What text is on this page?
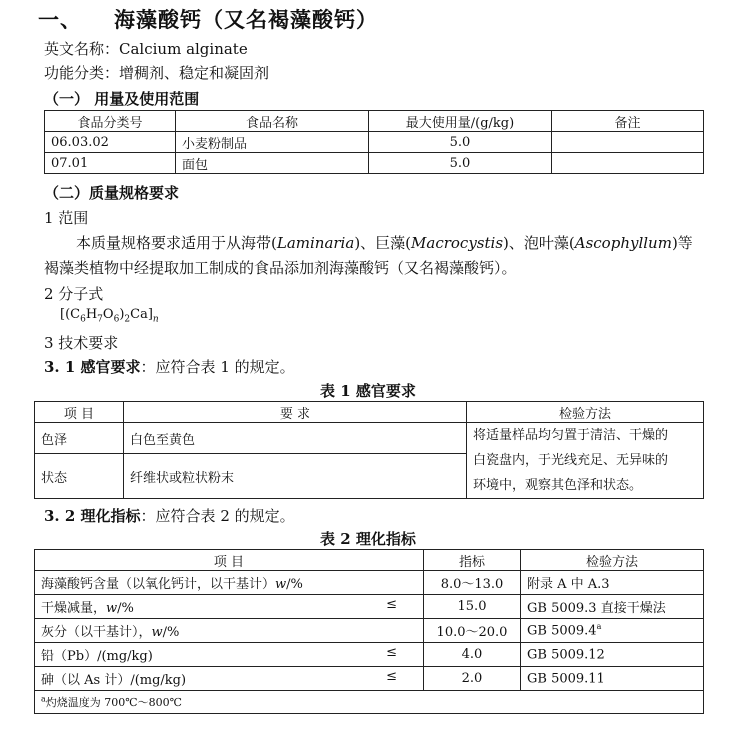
一、 海藻酸钙（又名褐藻酸钙）
英文名称：Calcium alginate
功能分类：增稠剂、稳定和凝固剂
（一） 用量及使用范围
食品分类号	食品名称	最大使用量/(g/kg)	备注
06.03.02	小麦粉制品	5.0	
07.01	面包	5.0	
（二）质量规格要求
1 范围
本质量规格要求适用于从海带(Laminaria)、巨藻(Macrocystis)、泡叶藻(Ascophyllum)等
褐藻类植物中经提取加工制成的食品添加剂海藻酸钙（又名褐藻酸钙）。
2 分子式
$[(C_6H_7O_6)_2Ca]_n$
3 技术要求
3. 1 感官要求：应符合表 1 的规定。
表 1 感官要求
项 目	要 求	检验方法
色泽	白色至黄色	将适量样品均匀置于清洁、干燥的
白瓷盘内，于光线充足、无异味的
环境中，观察其色泽和状态。

状态	纤维状或粒状粉末	
3. 2 理化指标：应符合表 2 的规定。
表 2 理化指标
项 目	指标	检验方法
海藻酸钙含量（以氧化钙计，以干基计）w/%	8.0～13.0	附录 A 中 A.3
干燥减量，w/% ≤	15.0	GB 5009.3 直接干燥法
灰分（以干基计），w/%	10.0～20.0	GB 5009.4$^a$
铅（Pb）/(mg/kg) ≤	4.0	GB 5009.12
砷（以 As 计）/(mg/kg) ≤	2.0	GB 5009.11
$^a$灼烧温度为 700℃～800℃		
